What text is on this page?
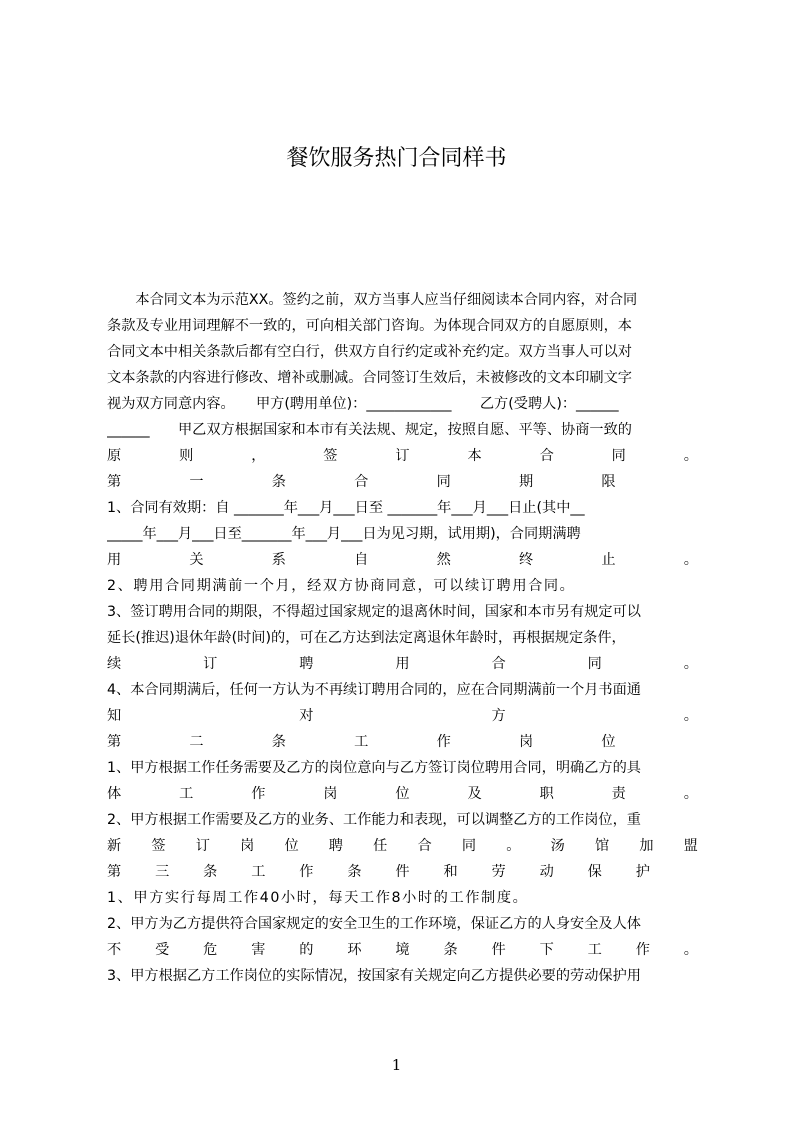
餐饮服务热门合同样书
　　本合同文本为示范XX。签约之前，双方当事人应当仔细阅读本合同内容，对合同
条款及专业用词理解不一致的，可向相关部门咨询。为体现合同双方的自愿原则，本
合同文本中相关条款后都有空白行，供双方自行约定或补充约定。双方当事人可以对
文本条款的内容进行修改、增补或删减。合同签订生效后，未被修改的文本印刷文字
视为双方同意内容。　　甲方(聘用单位)：____________　　乙方(受聘人)：______
______　　甲乙双方根据国家和本市有关法规、规定，按照自愿、平等、协商一致的
原	则	，	签	订	本	合	同	。
第	一	条	合	同	期	限

1、合同有效期：自 _______年___月___日至 _______年___月___日止(其中__
_____年___月___日至_______年___月___日为见习期，试用期)，合同期满聘
用	关	系	自	然	终	止	。
2、聘用合同期满前一个月，经双方协商同意，可以续订聘用合同。
3、签订聘用合同的期限，不得超过国家规定的退离休时间，国家和本市另有规定可以
延长(推迟)退休年龄(时间)的，可在乙方达到法定离退休年龄时，再根据规定条件，
续	订	聘	用	合	同	。
4、本合同期满后，任何一方认为不再续订聘用合同的，应在合同期满前一个月书面通
知	对	方	。
第	二	条	工	作	岗	位

1、甲方根据工作任务需要及乙方的岗位意向与乙方签订岗位聘用合同，明确乙方的具
体	工	作	岗	位	及	职	责	。
2、甲方根据工作需要及乙方的业务、工作能力和表现，可以调整乙方的工作岗位，重
新 签 订 岗 位 聘 任 合 同 。 汤 馆 加 盟
第 三 条 工 作 条 件 和 劳 动 保 护

1、甲方实行每周工作40小时，每天工作8小时的工作制度。
2、甲方为乙方提供符合国家规定的安全卫生的工作环境，保证乙方的人身安全及人体
不 受 危 害 的 环 境 条 件 下 工 作 。
3、甲方根据乙方工作岗位的实际情况，按国家有关规定向乙方提供必要的劳动保护用
1
